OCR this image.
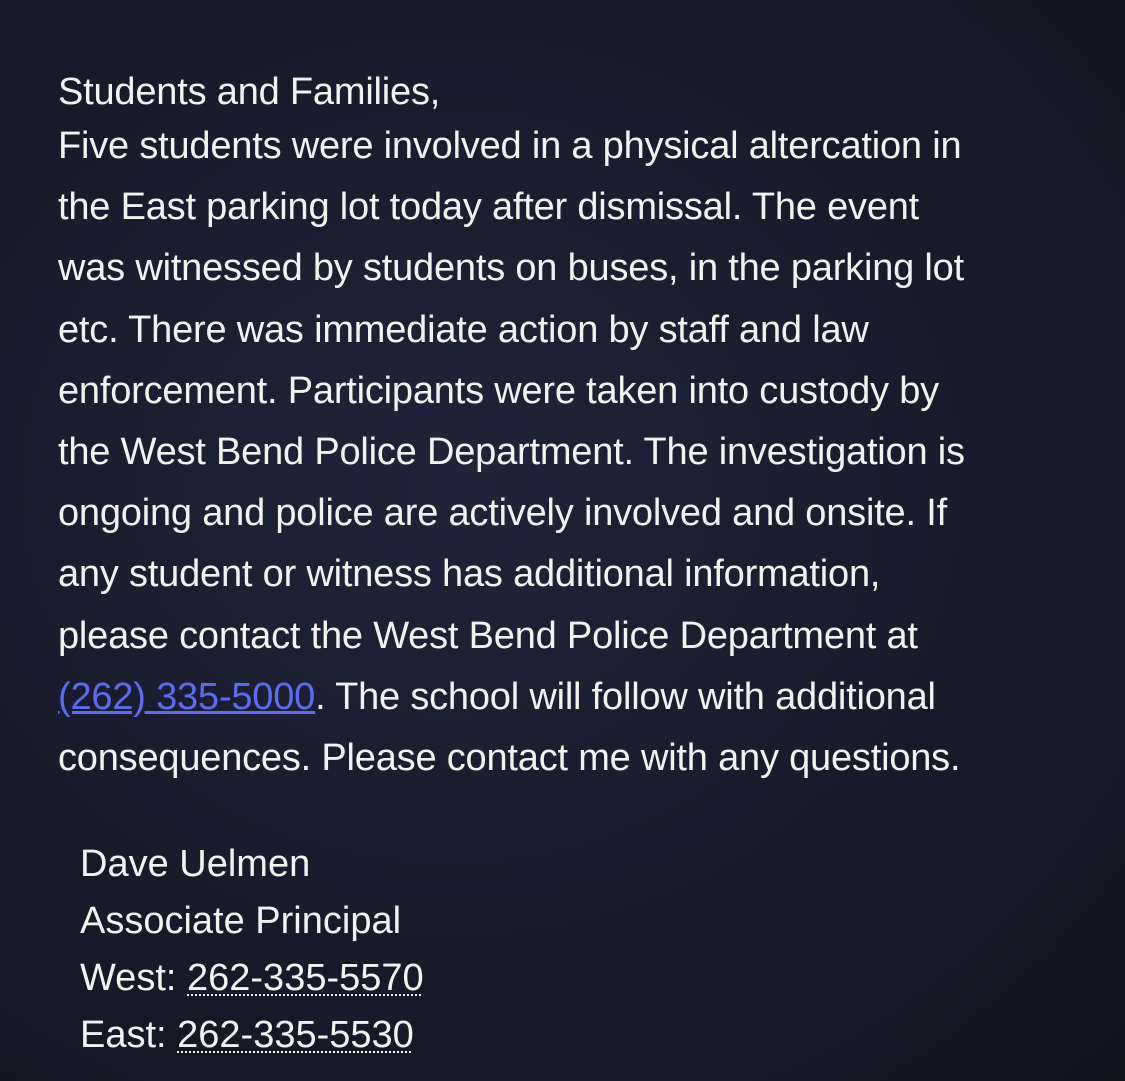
Students and Families,

Five students were involved in a physical altercation in

the East parking lot today after dismissal. The event

was witnessed by students on buses, in the parking lot

etc. There was immediate action by staff and law

enforcement. Participants were taken into custody by

the West Bend Police Department. The investigation is

ongoing and police are actively involved and onsite. If

any student or witness has additional information,

please contact the West Bend Police Department at

(262) 335-5000. The school will follow with additional

consequences. Please contact me with any questions.

Dave Uelmen

Associate Principal

West: 262-335-5570

East: 262-335-5530
